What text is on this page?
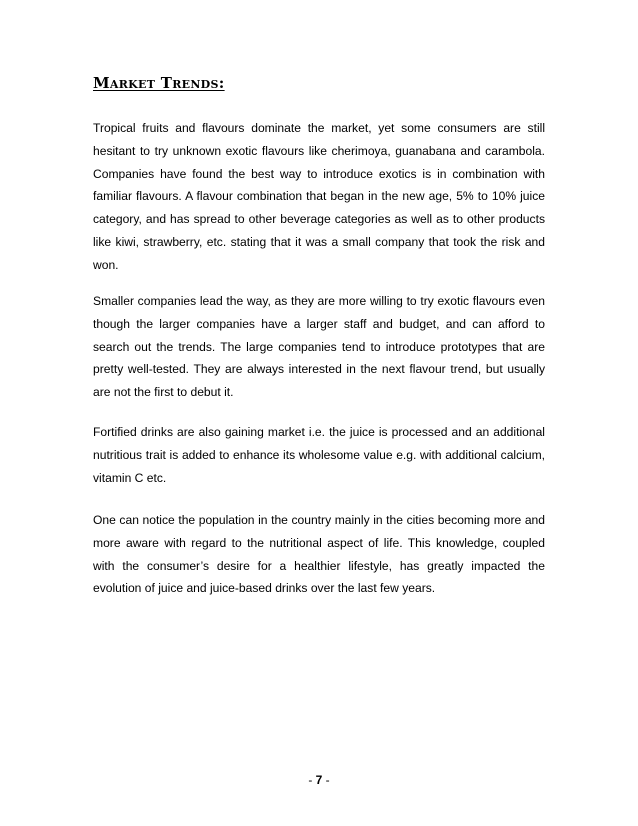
Market Trends:

Tropical fruits and flavours dominate the market, yet some consumers are still hesitant to try unknown exotic flavours like cherimoya, guanabana and carambola. Companies have found the best way to introduce exotics is in combination with familiar flavours. A flavour combination that began in the new age, 5% to 10% juice category, and has spread to other beverage categories as well as to other products like kiwi, strawberry, etc. stating that it was a small company that took the risk and won.

Smaller companies lead the way, as they are more willing to try exotic flavours even though the larger companies have a larger staff and budget, and can afford to search out the trends. The large companies tend to introduce prototypes that are pretty well-tested. They are always interested in the next flavour trend, but usually are not the first to debut it.

Fortified drinks are also gaining market i.e. the juice is processed and an additional nutritious trait is added to enhance its wholesome value e.g. with additional calcium, vitamin C etc.

One can notice the population in the country mainly in the cities becoming more and more aware with regard to the nutritional aspect of life. This knowledge, coupled with the consumer’s desire for a healthier lifestyle, has greatly impacted the evolution of juice and juice-based drinks over the last few years.

- 7 -
